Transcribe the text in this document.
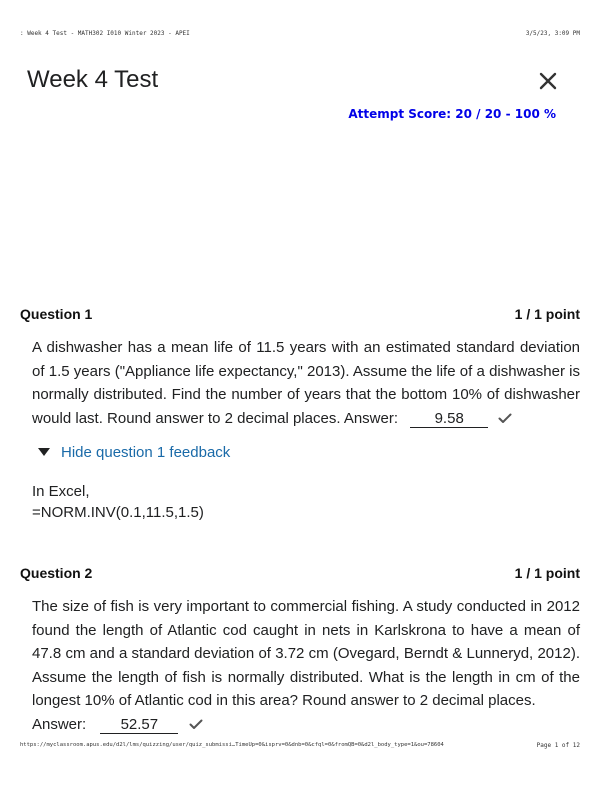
: Week 4 Test - MATH302 I010 Winter 2023 - APEI	3/5/23, 3:09 PM
Week 4 Test
Attempt Score: 20 / 20 - 100 %
Question 1	1 / 1 point
A dishwasher has a mean life of 11.5 years with an estimated standard deviation of 1.5 years ("Appliance life expectancy," 2013). Assume the life of a dishwasher is normally distributed. Find the number of years that the bottom 10% of dishwasher would last. Round answer to 2 decimal places. Answer: 9.58
Hide question 1 feedback
In Excel,
=NORM.INV(0.1,11.5,1.5)
Question 2	1 / 1 point
The size of fish is very important to commercial fishing. A study conducted in 2012 found the length of Atlantic cod caught in nets in Karlskrona to have a mean of 47.8 cm and a standard deviation of 3.72 cm (Ovegard, Berndt & Lunneryd, 2012). Assume the length of fish is normally distributed. What is the length in cm of the longest 10% of Atlantic cod in this area? Round answer to 2 decimal places.
Answer: 52.57
https://myclassroom.apus.edu/d2l/lms/quizzing/user/quiz_submissi…TimeUp=0&isprv=0&dnb=0&cfql=0&fromQB=0&d2l_body_type=1&ou=78604	Page 1 of 12
